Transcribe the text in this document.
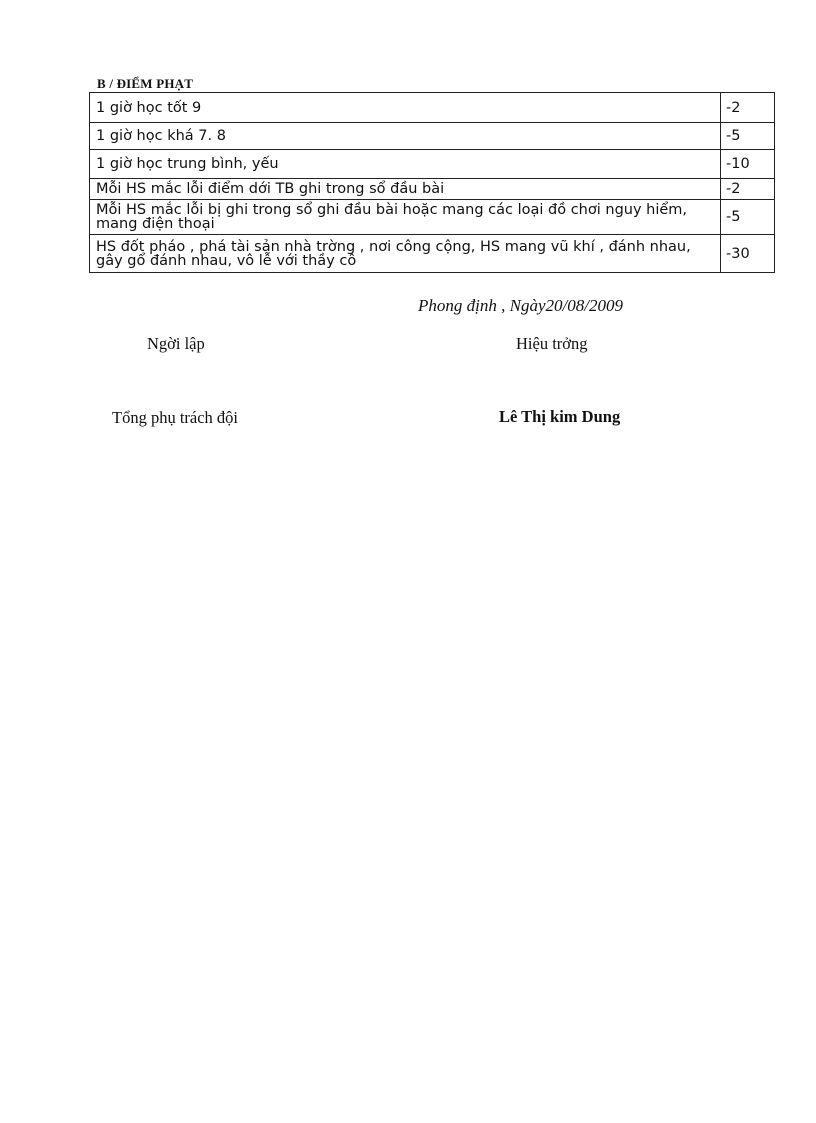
B / ĐIỂM PHẠT
1 giờ học tốt 9	-2
1 giờ học khá 7. 8	-5
1 giờ học trung bình, yếu	-10
Mỗi HS mắc lỗi điểm dới TB ghi trong sổ đầu bài	-2
Mỗi HS mắc lỗi bị ghi trong sổ ghi đầu bài hoặc mang các loại đồ chơi nguy hiểm, mang điện thoại	-5
HS đốt pháo , phá tài sản nhà trờng , nơi công cộng, HS mang vũ khí , đánh nhau, gây gổ đánh nhau, vô lễ với thầy cô	-30
Phong định , Ngày20/08/2009
Ngời lập	Hiệu trởng
Tổng phụ trách đội	Lê Thị kim Dung
